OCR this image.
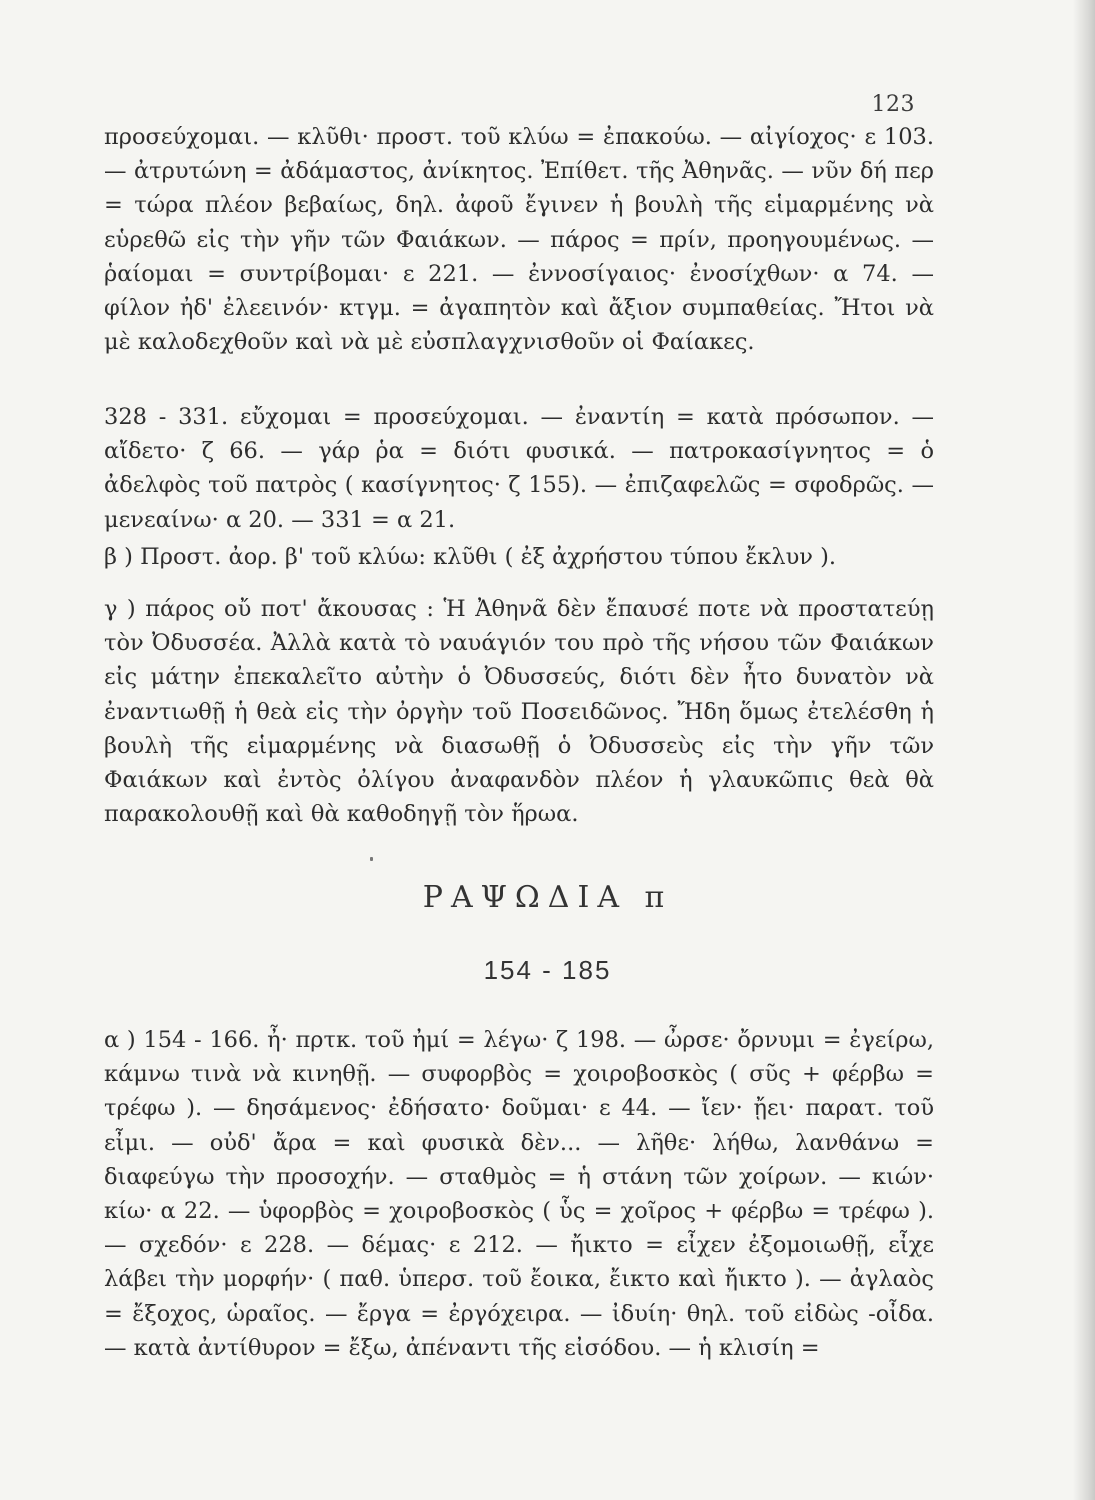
123
προσεύχομαι. — κλῦθι· προστ. τοῦ κλύω = ἐπακούω. — αἰγίοχος· ε 103. — ἀτρυτώνη = ἀδάμαστος, ἀνίκητος. Ἐπίθετ. τῆς Ἀθηνᾶς. — νῦν δή περ = τώρα πλέον βεβαίως, δηλ. ἀφοῦ ἔγινεν ἡ βουλὴ τῆς εἱμαρμένης νὰ εὑρεθῶ εἰς τὴν γῆν τῶν Φαιάκων. — πάρος = πρίν, προηγουμένως. — ῥαίομαι = συντρίβομαι· ε 221. — ἐννοσίγαιος· ἐνοσίχθων· α 74. — φίλον ἠδ' ἐλεεινόν· κτγμ. = ἀγαπητὸν καὶ ἄξιον συμπαθείας. Ἤτοι νὰ μὲ καλοδεχθοῦν καὶ νὰ μὲ εὐσπλαγχνισθοῦν οἱ Φαίακες.
328 - 331. εὔχομαι = προσεύχομαι. — ἐναντίη = κατὰ πρόσωπον. — αἴδετο· ζ 66. — γάρ ῥα = διότι φυσικά. — πατροκασίγνητος = ὁ ἀδελφὸς τοῦ πατρὸς ( κασίγνητος· ζ 155). — ἐπιζαφελῶς = σφοδρῶς. — μενεαίνω· α 20. — 331 = α 21.
β ) Προστ. ἀορ. β' τοῦ κλύω: κλῦθι ( ἐξ ἀχρήστου τύπου ἔκλυν ).
γ ) πάρος οὔ ποτ' ἄκουσας : Ἡ Ἀθηνᾶ δὲν ἔπαυσέ ποτε νὰ προστατεύῃ τὸν Ὀδυσσέα. Ἀλλὰ κατὰ τὸ ναυάγιόν του πρὸ τῆς νήσου τῶν Φαιάκων εἰς μάτην ἐπεκαλεῖτο αὐτὴν ὁ Ὀδυσσεύς, διότι δὲν ἦτο δυνατὸν νὰ ἐναντιωθῇ ἡ θεὰ εἰς τὴν ὀργὴν τοῦ Ποσειδῶνος. Ἤδη ὅμως ἐτελέσθη ἡ βουλὴ τῆς εἱμαρμένης νὰ διασωθῇ ὁ Ὀδυσσεὺς εἰς τὴν γῆν τῶν Φαιάκων καὶ ἐντὸς ὀλίγου ἀναφανδὸν πλέον ἡ γλαυκῶπις θεὰ θὰ παρακολουθῇ καὶ θὰ καθοδηγῇ τὸν ἥρωα.
ΡΑΨΩΔΙΑ π
154 - 185
α ) 154 - 166. ἦ· πρτκ. τοῦ ἠμί = λέγω· ζ 198. — ὦρσε· ὄρνυμι = ἐγείρω, κάμνω τινὰ νὰ κινηθῇ. — συφορβὸς = χοιροβοσκὸς ( σῦς + φέρβω = τρέφω ). — δησάμενος· ἐδήσατο· δοῦμαι· ε 44. — ἴεν· ᾔει· παρατ. τοῦ εἶμι. — οὐδ' ἄρα = καὶ φυσικὰ δὲν... — λῆθε· λήθω, λανθάνω = διαφεύγω τὴν προσοχήν. — σταθμὸς = ἡ στάνη τῶν χοίρων. — κιών· κίω· α 22. — ὑφορβὸς = χοιροβοσκὸς ( ὗς = χοῖρος + φέρβω = τρέφω ). — σχεδόν· ε 228. — δέμας· ε 212. — ἤικτο = εἶχεν ἐξομοιωθῇ, εἶχε λάβει τὴν μορφήν· ( παθ. ὑπερσ. τοῦ ἔοικα, ἔικτο καὶ ἤικτο ). — ἀγλαὸς = ἔξοχος, ὡραῖος. — ἔργα = ἐργόχειρα. — ἰδυίη· θηλ. τοῦ εἰδὼς -οἶδα. — κατὰ ἀντίθυρον = ἔξω, ἀπέναντι τῆς εἰσόδου. — ἡ κλισίη =
